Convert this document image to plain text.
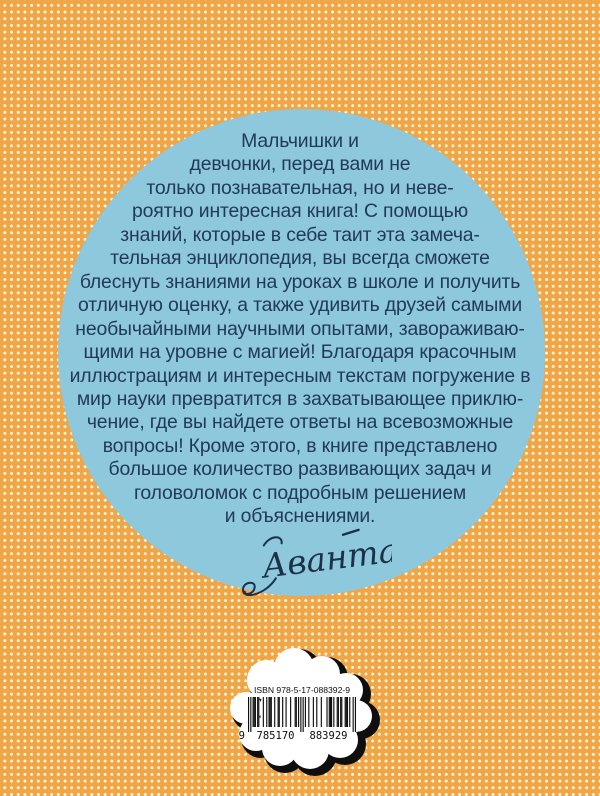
Мальчишки и
девчонки, перед вами не
только познавательная, но и неве-
роятно интересная книга! С помощью
знаний, которые в себе таит эта замеча-
тельная энциклопедия, вы всегда сможете
блеснуть знаниями на уроках в школе и получить
отличную оценку, а также удивить друзей самыми
необычайными научными опытами, завораживаю-
щими на уровне с магией! Благодаря красочным
иллюстрациям и интересным текстам погружение в
мир науки превратится в захватывающее приклю-
чение, где вы найдете ответы на всевозможные
вопросы! Кроме этого, в книге представлено
большое количество развивающих задач и
головоломок с подробным решением
и объяснениями.
Аванта
ISBN 978-5-17-088392-9
9 785170 883929
